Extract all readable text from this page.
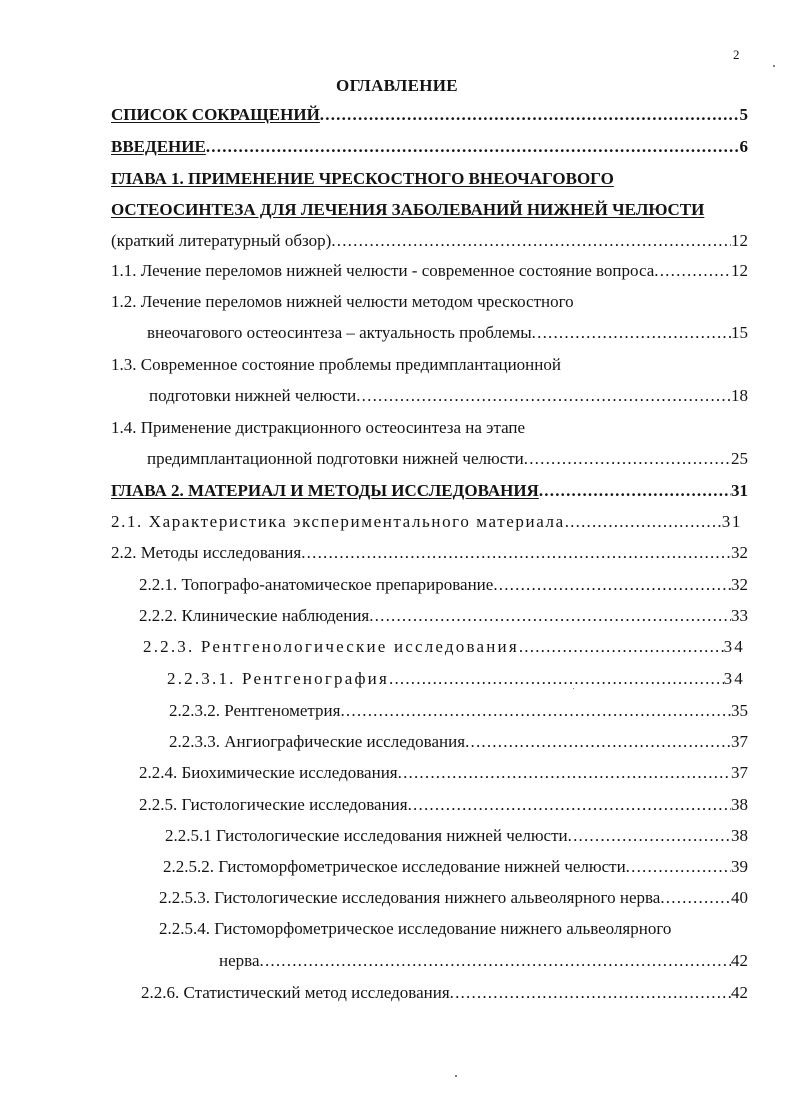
2
ОГЛАВЛЕНИЕ
СПИСОК СОКРАЩЕНИЙ .....	5
ВВЕДЕНИЕ .....	6
ГЛАВА 1. ПРИМЕНЕНИЕ ЧРЕСКОСТНОГО ВНЕОЧАГОВОГО
ОСТЕОСИНТЕЗА ДЛЯ ЛЕЧЕНИЯ ЗАБОЛЕВАНИЙ НИЖНЕЙ ЧЕЛЮСТИ
(краткий литературный обзор) .....	12
1.1. Лечение переломов нижней челюсти - современное состояние вопроса .....	12
1.2. Лечение переломов нижней челюсти методом чрескостного
внеочагового остеосинтеза – актуальность проблемы .....	15
1.3. Современное состояние проблемы предимплантационной
подготовки нижней челюсти .....	18
1.4. Применение дистракционного остеосинтеза на этапе
предимплантационной подготовки нижней челюсти .....	25
ГЛАВА 2. МАТЕРИАЛ И МЕТОДЫ ИССЛЕДОВАНИЯ .....	31
2.1. Характеристика экспериментального материала .....	31
2.2. Методы исследования .....	32
2.2.1. Топографо-анатомическое препарирование .....	32
2.2.2. Клинические наблюдения .....	33
2.2.3. Рентгенологические исследования .....	34
2.2.3.1. Рентгенография .....	34
2.2.3.2. Рентгенометрия .....	35
2.2.3.3. Ангиографические исследования .....	37
2.2.4. Биохимические исследования .....	37
2.2.5. Гистологические исследования .....	38
2.2.5.1 Гистологические исследования нижней челюсти .....	38
2.2.5.2. Гистоморфометрическое исследование нижней челюсти .....	39
2.2.5.3. Гистологические исследования нижнего альвеолярного нерва .....	40
2.2.5.4. Гистоморфометрическое исследование нижнего альвеолярного
нерва .....	42
2.2.6. Статистический метод исследования .....	42
